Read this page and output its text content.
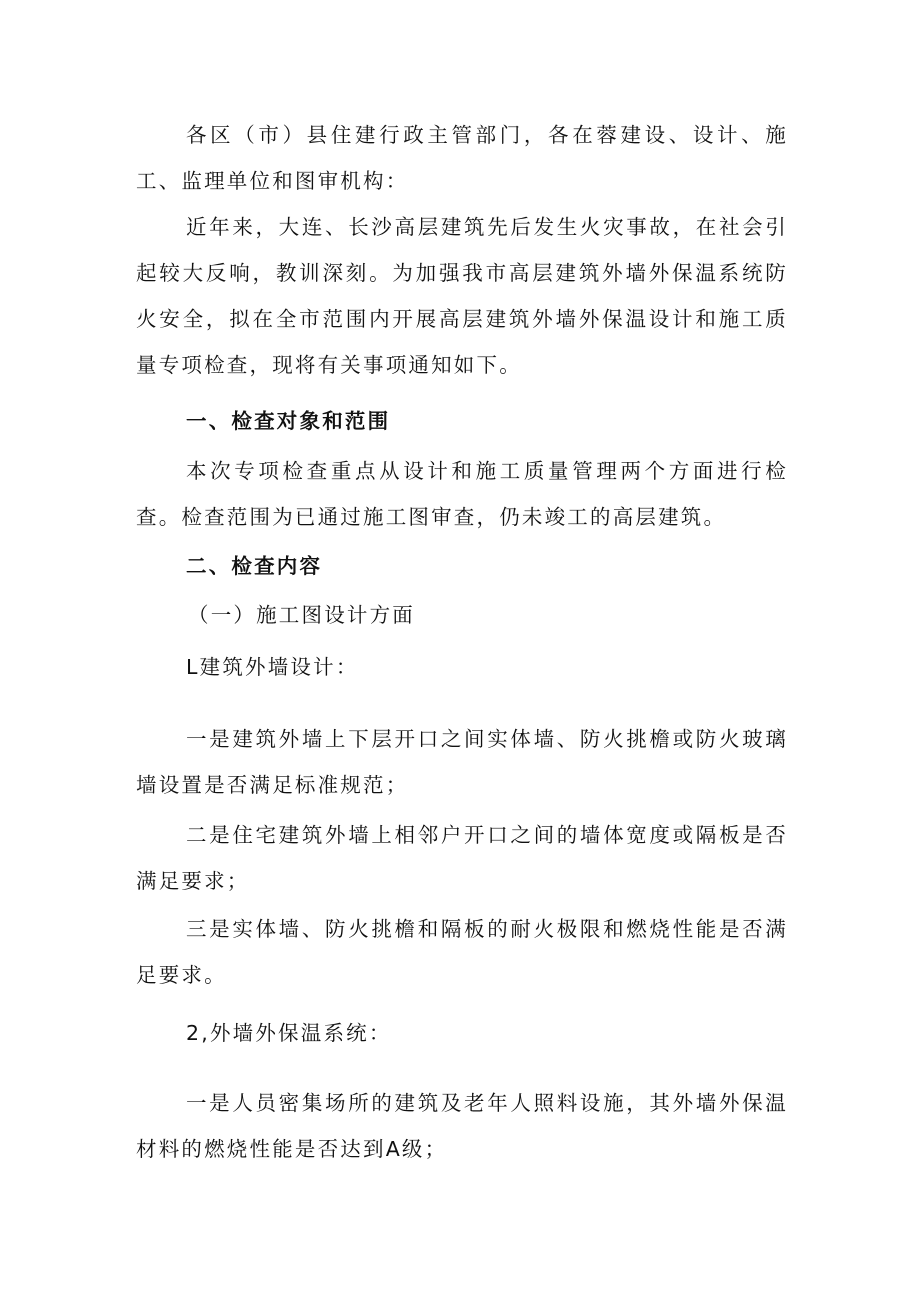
各区（市）县住建行政主管部门，各在蓉建设、设计、施工、监理单位和图审机构：

近年来，大连、长沙高层建筑先后发生火灾事故，在社会引起较大反响，教训深刻。为加强我市高层建筑外墙外保温系统防火安全，拟在全市范围内开展高层建筑外墙外保温设计和施工质量专项检查，现将有关事项通知如下。

一、检查对象和范围

本次专项检查重点从设计和施工质量管理两个方面进行检查。检查范围为已通过施工图审查，仍未竣工的高层建筑。

二、检查内容

（一）施工图设计方面

L建筑外墙设计：

一是建筑外墙上下层开口之间实体墙、防火挑檐或防火玻璃墙设置是否满足标准规范；

二是住宅建筑外墙上相邻户开口之间的墙体宽度或隔板是否满足要求；

三是实体墙、防火挑檐和隔板的耐火极限和燃烧性能是否满足要求。

2,外墙外保温系统：

一是人员密集场所的建筑及老年人照料设施，其外墙外保温材料的燃烧性能是否达到A级；
